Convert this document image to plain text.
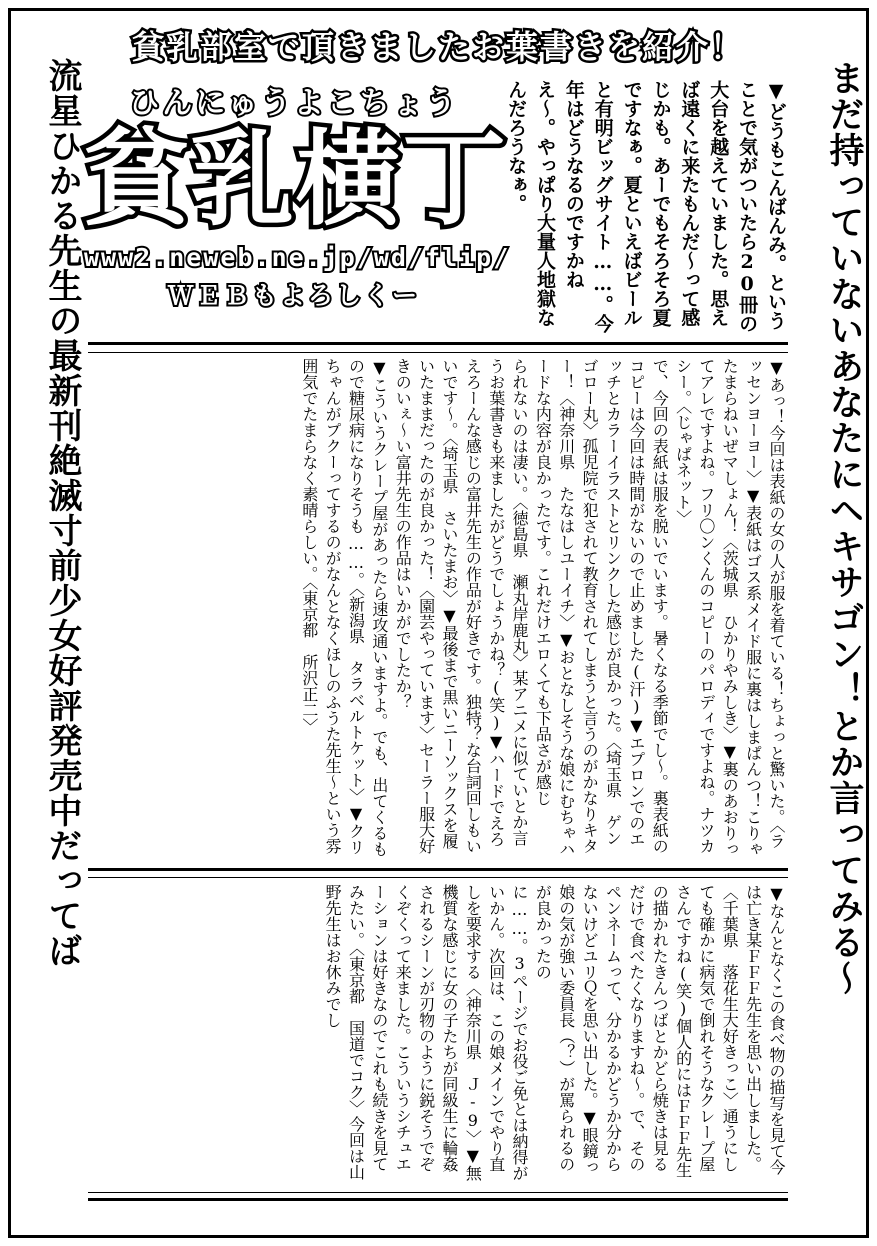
まだ持っていないあなたにヘキサゴン！とか言ってみる〜
流星ひかる先生の最新刊絶滅寸前少女好評発売中だってば
貧乳部室で頂きましたお葉書きを紹介！
ひんにゅうよこちょう
貧乳横丁
www2.neweb.ne.jp/wd/flip/
ＷＥＢもよろしくー	▼どうもこんばんみ。ということで気がついたら20冊の大台を越えていました。思えば遠くに来たもんだ〜って感じかも。あーでもそろそろ夏ですなぁ。夏といえばビールと有明ビッグサイト……。今年はどうなるのですかねえ〜。やっぱり大量人地獄なんだろうなぁ。
▼あっ！今回は表紙の女の人が服を着ている！ちょっと驚いた。〈ラッセンヨーヨー〉▼表紙はゴス系メイド服に裏はしまぱんつ！こりゃたまらねいぜマしょん！〈茨城県　ひかりやみしき〉▼裏のあおりってアレですよね。フリ〇ンくんのコピーのパロディですよね。ナツカシー。〈じゃぱネット〉
で、今回の表紙は服を脱いでいます。暑くなる季節でし〜。裏表紙のコピーは今回は時間がないので止めました(汗)▼エプロンでのエッチとカラーイラストとリンクした感じが良かった。〈埼玉県　ゲンゴロー丸〉孤児院で犯されて教育されてしまうと言うのがかなりキター！〈神奈川県　たなはしユーイチ〉▼おとなしそうな娘にむちゃハードな内容が良かったです。これだけエロくても下品さが感じ
られないのは凄い。〈徳島県　瀬丸岸鹿丸〉某アニメに似ていとか言うお葉書きも来ましたがどうでしょうかね？(笑)▼ハードでえろえろーんな感じの富井先生の作品が好きです。独特？な台詞回しもいいです〜。〈埼玉県　さいたまお〉▼最後まで黒いニーソックスを履いたままだったのが良かった！〈園芸やっています〉セーラー服大好きのいぇ〜い富井先生の作品はいかがでしたか？
▼こういうクレープ屋があったら速攻通いますよ。でも、出てくるもので糖尿病になりそうも……。〈新潟県　タラベルトケット〉▼クリちゃんがプクーってするのがなんとなくほしのふうた先生〜という雰囲気でたまらなく素晴らしい。〈東京都　所沢正二〉
▼なんとなくこの食べ物の描写を見て今は亡き某ＦＦＦ先生を思い出しました。〈千葉県　落花生大好きっこ〉通うにしても確かに病気で倒れそうなクレープ屋さんですね(笑)個人的にはＦＦＦ先生の描かれたきんつばとかどら焼きは見るだけで食べたくなりますね〜。で、そのペンネームって、分かるかどうか分からないけどユリＱを思い出した。▼眼鏡っ娘の気が強い委員長（？）が罵られるのが良かったの
に……。3ページでお役ご免とは納得がいかん。次回は、この娘メインでやり直しを要求する〈神奈川県　Ｊ-9〉▼無機質な感じに女の子たちが同級生に輪姦されるシーンが刃物のように鋭そうでぞくぞくって来ました。こういうシチュエーションは好きなのでこれも続きを見てみたい。〈東京都　国道でコク〉今回は山野先生はお休みでし
